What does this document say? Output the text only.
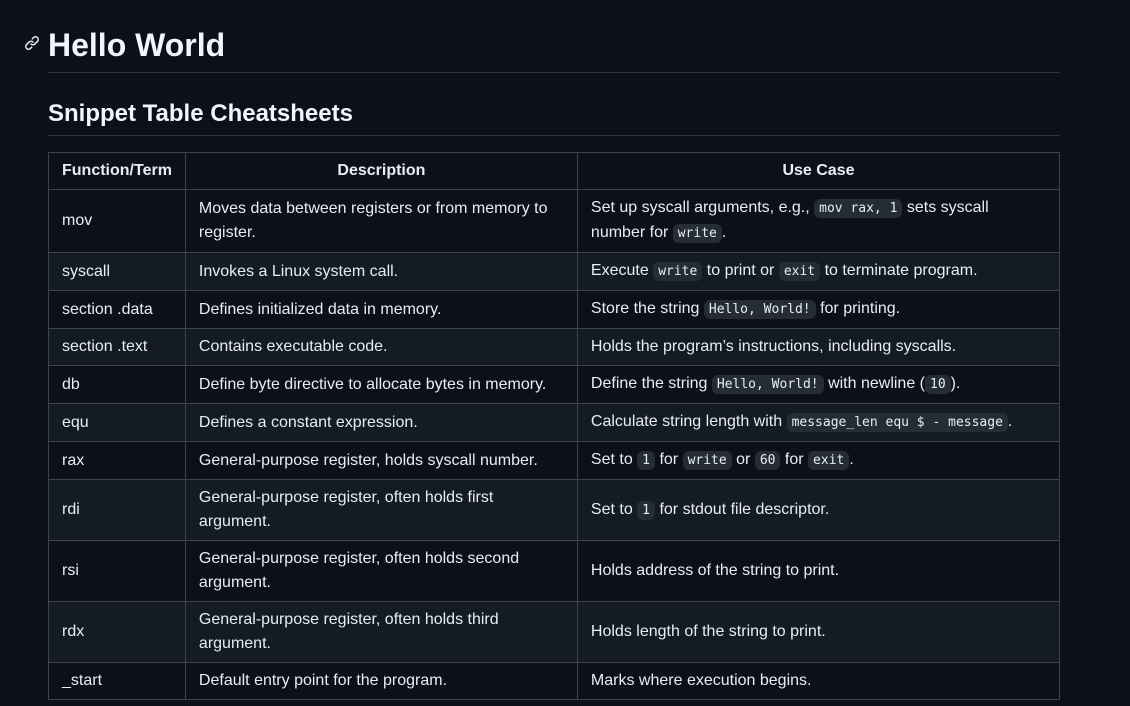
Hello World
Snippet Table Cheatsheets
Function/Term	Description	Use Case
mov	Moves data between registers or from memory to register.	Set up syscall arguments, e.g., mov rax, 1 sets syscall number for write .
syscall	Invokes a Linux system call.	Execute write to print or exit to terminate program.
section .data	Defines initialized data in memory.	Store the string Hello, World! for printing.
section .text	Contains executable code.	Holds the program’s instructions, including syscalls.
db	Define byte directive to allocate bytes in memory.	Define the string Hello, World! with newline ( 10 ).
equ	Defines a constant expression.	Calculate string length with message_len equ $ - message .
rax	General-purpose register, holds syscall number.	Set to 1 for write or 60 for exit .
rdi	General-purpose register, often holds first argument.	Set to 1 for stdout file descriptor.
rsi	General-purpose register, often holds second argument.	Holds address of the string to print.
rdx	General-purpose register, often holds third argument.	Holds length of the string to print.
_start	Default entry point for the program.	Marks where execution begins.
